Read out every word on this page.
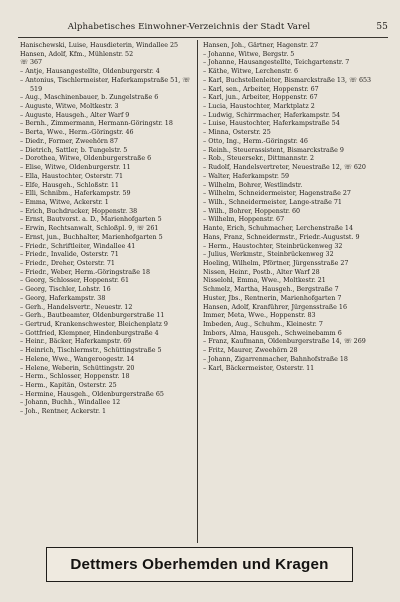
Alphabetisches Einwohner-Verzeichnis der Stadt Varel	55
Hanischewski, Luise, Hausdieterin, Windallee 25
Hansen, Adolf, Kfm., Mühlenstr. 52
☏ 367
– Antje, Hausangestellte, Oldenburgerstr. 4
– Antonius, Tischlermeister, Haferkampstraße 51, ☏ 519
– Aug., Maschinenbauer, b. Zungelstraße 6
– Auguste, Witwe, Moltkestr. 3
– Auguste, Hausgeh., Alter Warf 9
– Bernh., Zimmermann, Hermann-Göringstr. 18
– Berta, Wwe., Herm.-Göringstr. 46
– Diedr., Former, Zweehörn 87
– Dietrich, Sattler, b. Tungelstr. 5
– Dorothea, Witwe, Oldenburgerstraße 6
– Elise, Witwe, Oldenburgerstr. 11
– Ella, Haustochter, Osterstr. 71
– Elfe, Hausgeh., Schloßstr. 11
– Elli, Schnibm., Haferkampstr. 59
– Emma, Witwe, Ackerstr. 1
– Erich, Buchdrucker, Hoppenstr. 38
– Ernst, Bautvorst. a. D., Marienhofgarten 5
– Erwin, Rechtsanwalt, Schloßpl. 9, ☏ 261
– Ernst, jun., Buchhalter, Marienhofgarten 5
– Friedr., Schriftleiter, Windallee 41
– Friedr., Invalide, Osterstr. 71
– Friedr., Dreher, Osterstr. 71
– Friedr., Weber, Herm.-Göringstraße 18
– Georg, Schlosser, Hoppenstr. 61
– Georg, Tischler, Lohstr. 16
– Georg, Haferkampstr. 38
– Gerh., Handelsvertr., Neuestr. 12
– Gerh., Bautbeamter, Oldenburgerstraße 11
– Gertrud, Krankenschwester, Bleichenplatz 9
– Gottfried, Klempner, Hindenburgstraße 4
– Heinr., Bäcker, Haferkampstr. 69
– Heinrich, Tischlermstr., Schüttingstraße 5
– Helene, Wwe., Wangeroogestr. 14
– Helene, Weberin, Schüttingstr. 20
– Herm., Schlosser, Hoppenstr. 18
– Herm., Kapitän, Osterstr. 25
– Hermine, Hausgeh., Oldenburgerstraße 65
– Johann, Buchh., Windallee 12
– Joh., Rentner, Ackerstr. 1
Hansen, Joh., Gärtner, Hagenstr. 27
– Johanne, Witwe, Bergstr. 5
– Johanne, Hausangestellte, Teichgartenstr. 7
– Käthe, Witwe, Lerchenstr. 6
– Karl, Buchstellenleiter, Bismarckstraße 13, ☏ 653
– Karl, sen., Arbeiter, Hoppenstr. 67
– Karl, jun., Arbeiter, Hoppenstr. 67
– Lucia, Haustochter, Marktplatz 2
– Ludwig, Schirrmacher, Haferkampstr. 54
– Luise, Haustochter, Haferkampstraße 54
– Minna, Osterstr. 25
– Otto, Ing., Herm.-Göringstr. 46
– Reinh., Steuerassistent, Bismarckstraße 9
– Rob., Steuersekr., Dittmannstr. 2
– Rudolf, Handelsvertreter, Neuestraße 12, ☏ 620
– Walter, Haferkampstr. 59
– Wilhelm, Bohrer, Westlindstr.
– Wilhelm, Schneidermeister, Hagenstraße 27
– Wilh., Schneidermeister, Lange-straße 71
– Wilh., Bohrer, Hoppenstr. 60
– Wilhelm, Hoppenstr. 67
Hante, Erich, Schuhmacher, Lerchenstraße 14
Hans, Franz, Schneidermstr., Friedr.-Augustst. 9
– Herm., Haustochter, Steinbrückenweg 32
– Julius, Werkmstr., Steinbrückenweg 32
Hoeling, Wilhelm, Pförtner, Jürgensstraße 27
Nissen, Heinr., Postb., Alter Warf 28
Nisselohl, Emma, Wwe., Moltkestr. 21
Schmelz, Martha, Hausgeh., Bergstraße 7
Huster, Jbs., Rentnerin, Marienhofgarten 7
Hansen, Adolf, Kranführer, Jürgensstraße 16
Immer, Meta, Wwe., Hoppenstr. 83
Imbeden, Aug., Schuhm., Kleinestr. 7
Imbors, Alma, Hausgeh., Schweinebamm 6
– Franz, Kaufmann, Oldenburgerstraße 14, ☏ 269
– Fritz, Maurer, Zweehörn 28
– Johann, Zigarrenmacher, Bahnhofstraße 18
– Karl, Bäckermeister, Osterstr. 11
Dettmers Oberhemden und Kragen
